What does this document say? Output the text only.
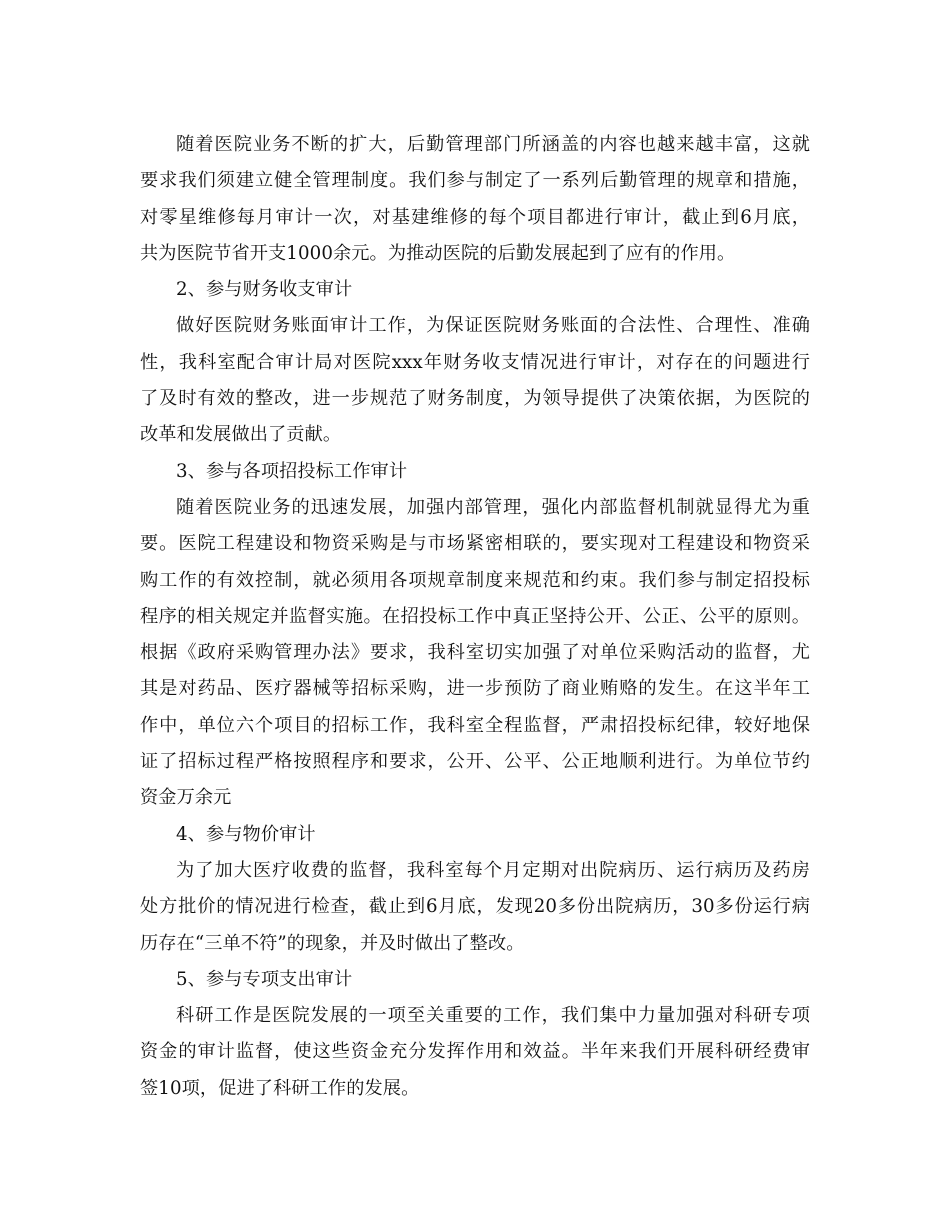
随着医院业务不断的扩大，后勤管理部门所涵盖的内容也越来越丰富，这就
要求我们须建立健全管理制度。我们参与制定了一系列后勤管理的规章和措施，
对零星维修每月审计一次，对基建维修的每个项目都进行审计，截止到6月底，
共为医院节省开支1000余元。为推动医院的后勤发展起到了应有的作用。
2、参与财务收支审计
做好医院财务账面审计工作，为保证医院财务账面的合法性、合理性、准确
性，我科室配合审计局对医院xxx年财务收支情况进行审计，对存在的问题进行
了及时有效的整改，进一步规范了财务制度，为领导提供了决策依据，为医院的
改革和发展做出了贡献。
3、参与各项招投标工作审计
随着医院业务的迅速发展，加强内部管理，强化内部监督机制就显得尤为重
要。医院工程建设和物资采购是与市场紧密相联的，要实现对工程建设和物资采
购工作的有效控制，就必须用各项规章制度来规范和约束。我们参与制定招投标
程序的相关规定并监督实施。在招投标工作中真正坚持公开、公正、公平的原则。
根据《政府采购管理办法》要求，我科室切实加强了对单位采购活动的监督，尤
其是对药品、医疗器械等招标采购，进一步预防了商业贿赂的发生。在这半年工
作中，单位六个项目的招标工作，我科室全程监督，严肃招投标纪律，较好地保
证了招标过程严格按照程序和要求，公开、公平、公正地顺利进行。为单位节约
资金万余元
4、参与物价审计
为了加大医疗收费的监督，我科室每个月定期对出院病历、运行病历及药房
处方批价的情况进行检查，截止到6月底，发现20多份出院病历，30多份运行病
历存在“三单不符”的现象，并及时做出了整改。
5、参与专项支出审计
科研工作是医院发展的一项至关重要的工作，我们集中力量加强对科研专项
资金的审计监督，使这些资金充分发挥作用和效益。半年来我们开展科研经费审
签10项，促进了科研工作的发展。
